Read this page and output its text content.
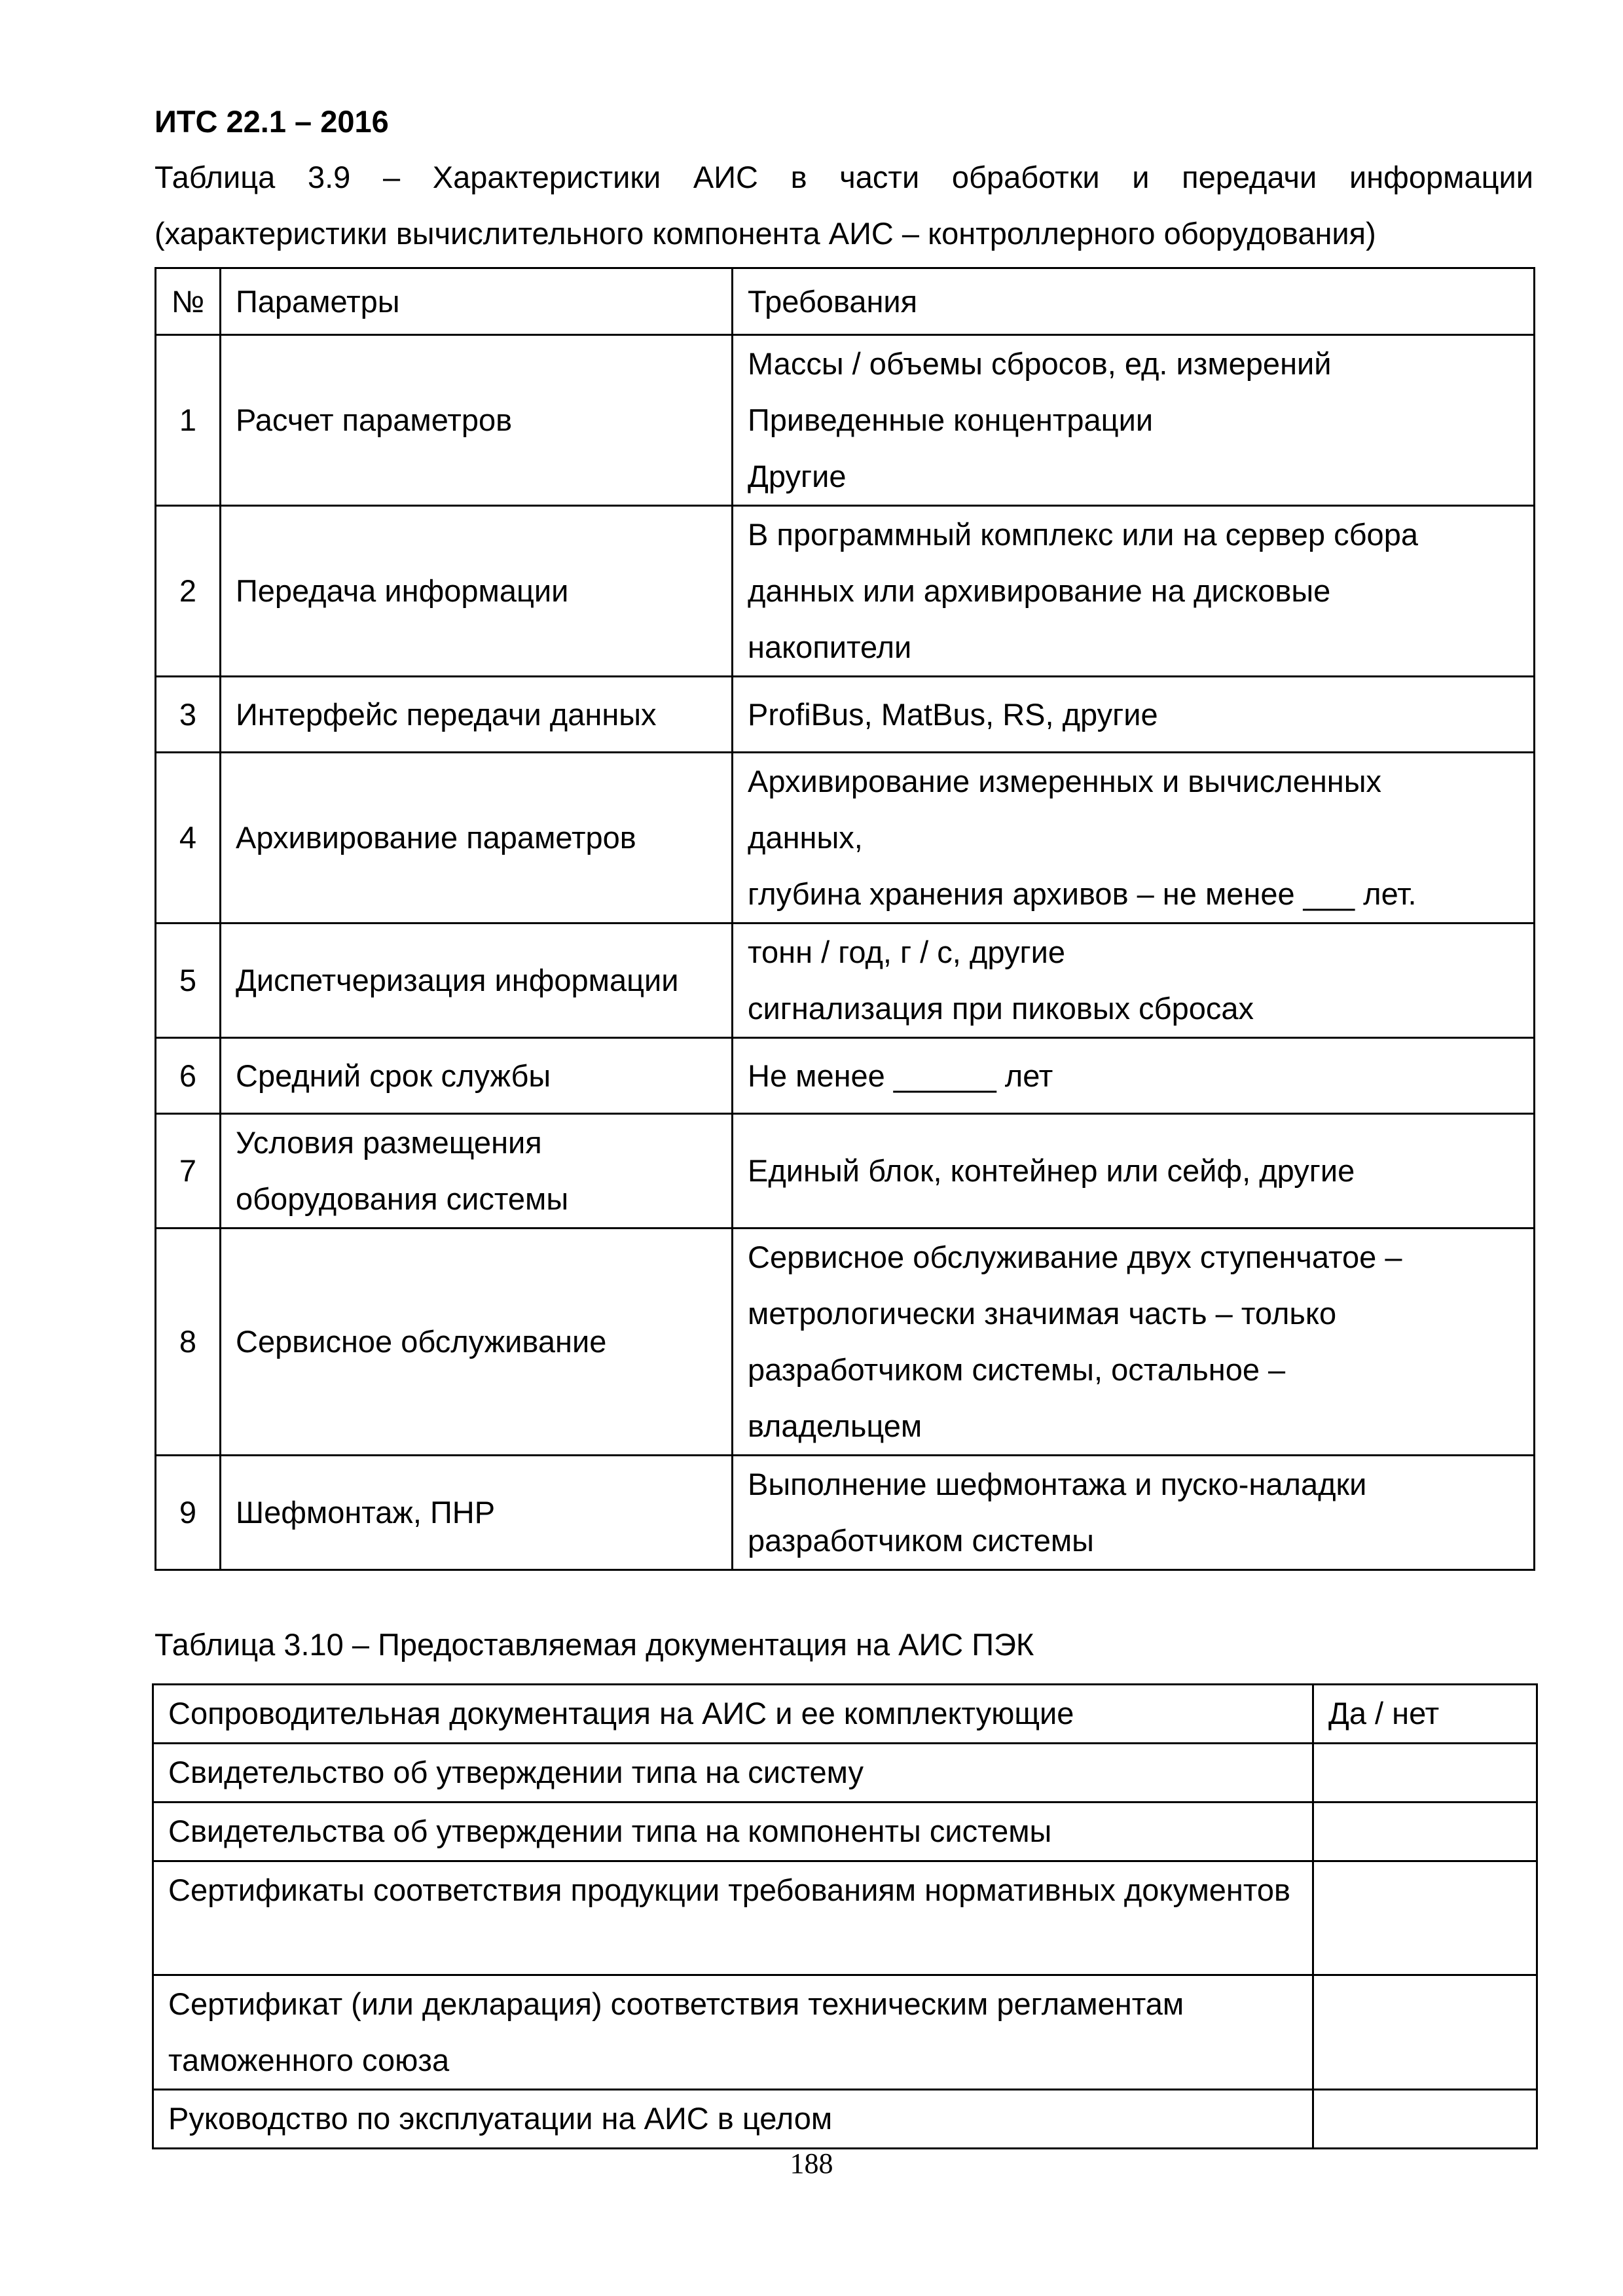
ИТС 22.1 – 2016
Таблица 3.9 – Характеристики АИС в части обработки и передачи информации (характеристики вычислительного компонента АИС – контроллерного оборудования)
№	Параметры	Требования
1	Расчет параметров	Массы / объемы сбросов, ед. измерений
Приведенные концентрации
Другие

2	Передача информации	В программный комплекс или на сервер сбора
данных или архивирование на дисковые
накопители

3	Интерфейс передачи данных	ProfiBus, MatBus, RS, другие

4	Архивирование параметров	Архивирование измеренных и вычисленных
данных,
глубина хранения архивов – не менее ___ лет.

5	Диспетчеризация информации	тонн / год, г / с, другие
сигнализация при пиковых сбросах

6	Средний срок службы	Не менее ______ лет

7	Условия размещения оборудования системы	Единый блок, контейнер или сейф, другие

8	Сервисное обслуживание	Сервисное обслуживание двух ступенчатое –
метрологически значимая часть – только
разработчиком системы, остальное –
владельцем

9	Шефмонтаж, ПНР	Выполнение шефмонтажа и пуско-наладки
разработчиком системы
Таблица 3.10 – Предоставляемая документация на АИС ПЭК
Сопроводительная документация на АИС и ее комплектующие	Да / нет
Свидетельство об утверждении типа на систему	
Свидетельства об утверждении типа на компоненты системы	
Сертификаты соответствия продукции требованиям нормативных документов	
Сертификат (или декларация) соответствия техническим регламентам таможенного союза	
Руководство по эксплуатации на АИС в целом	
188
